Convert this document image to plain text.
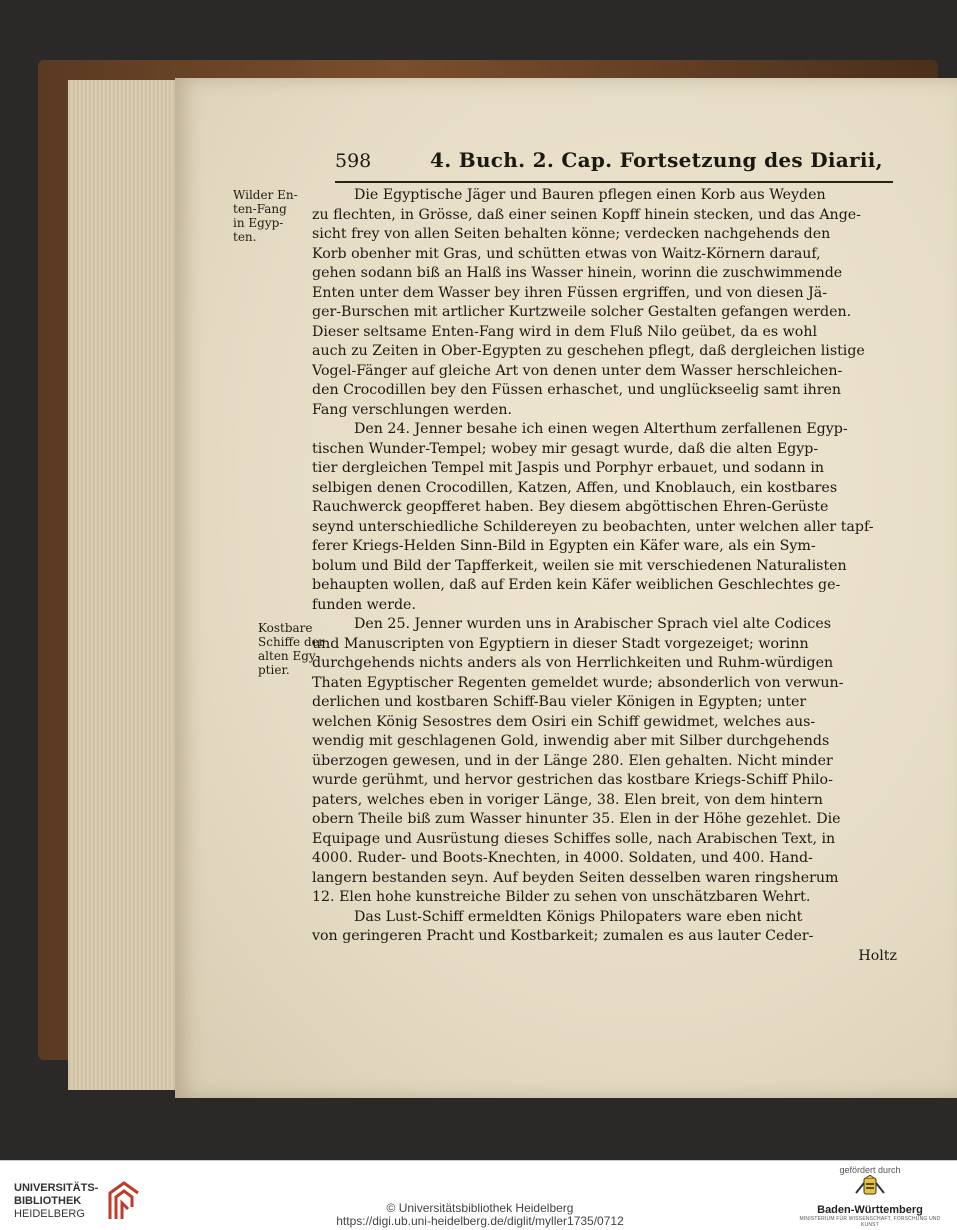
598	4. Buch. 2. Cap. Fortsetzung des Diarii,
Wilder En-
ten-Fang
in Egyp-
ten.
Kostbare
Schiffe der
alten Egy-
ptier.
Die Egyptische Jäger und Bauren pflegen einen Korb aus Weyden
zu flechten, in Grösse, daß einer seinen Kopff hinein stecken, und das Ange-
sicht frey von allen Seiten behalten könne; verdecken nachgehends den
Korb obenher mit Gras, und schütten etwas von Waitz-Körnern darauf,
gehen sodann biß an Halß ins Wasser hinein, worinn die zuschwimmende
Enten unter dem Wasser bey ihren Füssen ergriffen, und von diesen Jä-
ger-Burschen mit artlicher Kurtzweile solcher Gestalten gefangen werden.
Dieser seltsame Enten-Fang wird in dem Fluß Nilo geübet, da es wohl
auch zu Zeiten in Ober-Egypten zu geschehen pflegt, daß dergleichen listige
Vogel-Fänger auf gleiche Art von denen unter dem Wasser herschleichen-
den Crocodillen bey den Füssen erhaschet, und unglückseelig samt ihren
Fang verschlungen werden.
Den 24. Jenner besahe ich einen wegen Alterthum zerfallenen Egyp-
tischen Wunder-Tempel; wobey mir gesagt wurde, daß die alten Egyp-
tier dergleichen Tempel mit Jaspis und Porphyr erbauet, und sodann in
selbigen denen Crocodillen, Katzen, Affen, und Knoblauch, ein kostbares
Rauchwerck geopfferet haben. Bey diesem abgöttischen Ehren-Gerüste
seynd unterschiedliche Schildereyen zu beobachten, unter welchen aller tapf-
ferer Kriegs-Helden Sinn-Bild in Egypten ein Käfer ware, als ein Sym-
bolum und Bild der Tapfferkeit, weilen sie mit verschiedenen Naturalisten
behaupten wollen, daß auf Erden kein Käfer weiblichen Geschlechtes ge-
funden werde.
Den 25. Jenner wurden uns in Arabischer Sprach viel alte Codices
und Manuscripten von Egyptiern in dieser Stadt vorgezeiget; worinn
durchgehends nichts anders als von Herrlichkeiten und Ruhm-würdigen
Thaten Egyptischer Regenten gemeldet wurde; absonderlich von verwun-
derlichen und kostbaren Schiff-Bau vieler Königen in Egypten; unter
welchen König Sesostres dem Osiri ein Schiff gewidmet, welches aus-
wendig mit geschlagenen Gold, inwendig aber mit Silber durchgehends
überzogen gewesen, und in der Länge 280. Elen gehalten. Nicht minder
wurde gerühmt, und hervor gestrichen das kostbare Kriegs-Schiff Philo-
paters, welches eben in voriger Länge, 38. Elen breit, von dem hintern
obern Theile biß zum Wasser hinunter 35. Elen in der Höhe gezehlet. Die
Equipage und Ausrüstung dieses Schiffes solle, nach Arabischen Text, in
4000. Ruder- und Boots-Knechten, in 4000. Soldaten, und 400. Hand-
langern bestanden seyn. Auf beyden Seiten desselben waren ringsherum
12. Elen hohe kunstreiche Bilder zu sehen von unschätzbaren Wehrt.
Das Lust-Schiff ermeldten Königs Philopaters ware eben nicht
von geringeren Pracht und Kostbarkeit; zumalen es aus lauter Ceder-
Holtz
UNIVERSITÄTS-
BIBLIOTHEK
HEIDELBERG	© Universitätsbibliothek Heidelberg
https://digi.ub.uni-heidelberg.de/diglit/myller1735/0712
gefördert durch
Baden-Württemberg
MINISTERIUM FÜR WISSENSCHAFT, FORSCHUNG UND KUNST
